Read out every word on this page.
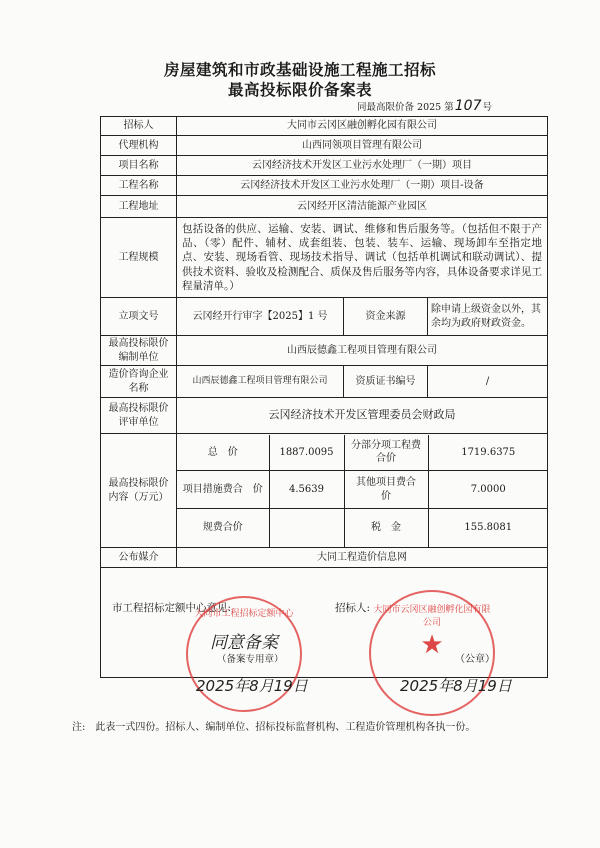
房屋建筑和市政基础设施工程施工招标
最高投标限价备案表
同最高限价备 2025 第107号
招标人	大同市云冈区融创孵化园有限公司
代理机构	山西同领项目管理有限公司
项目名称	云冈经济技术开发区工业污水处理厂（一期）项目
工程名称	云冈经济技术开发区工业污水处理厂（一期）项目-设备
工程地址	云冈经开区清洁能源产业园区
工程规模	包括设备的供应、运输、安装、调试、维修和售后服务等。（包括但不限于产品、（零）配件、辅材、成套组装、包装、装车、运输、现场卸车至指定地点、安装、现场看管、现场技术指导、调试（包括单机调试和联动调试）、提供技术资料、验收及检测配合、质保及售后服务等内容，具体设备要求详见工程量清单。）
立项文号	云冈经开行审字【2025】1 号	资金来源	除申请上级资金以外，其余均为政府财政资金。
最高投标限价编制单位	山西辰德鑫工程项目管理有限公司
造价咨询企业名称	山西辰德鑫工程项目管理有限公司	资质证书编号	/
最高投标限价评审单位	云冈经济技术开发区管理委员会财政局
最高投标限价内容（万元）	
总　价	1887.0095	分部分项工程费合价	1719.6375
项目措施费合　价	4.5639	其他项目费合　价	7.0000
规费合价		税　金	155.8081

公布媒介	大同工程造价信息网

市工程招标定额中心意见:	招标人:
大同市工程招标定额中心
同意备案
（备案专用章）
2025年8月19日
大同市云冈区融创孵化园有限公司
★	（公章）
2025年8月19日
注:　此表一式四份。招标人、编制单位、招标投标监督机构、工程造价管理机构各执一份。
